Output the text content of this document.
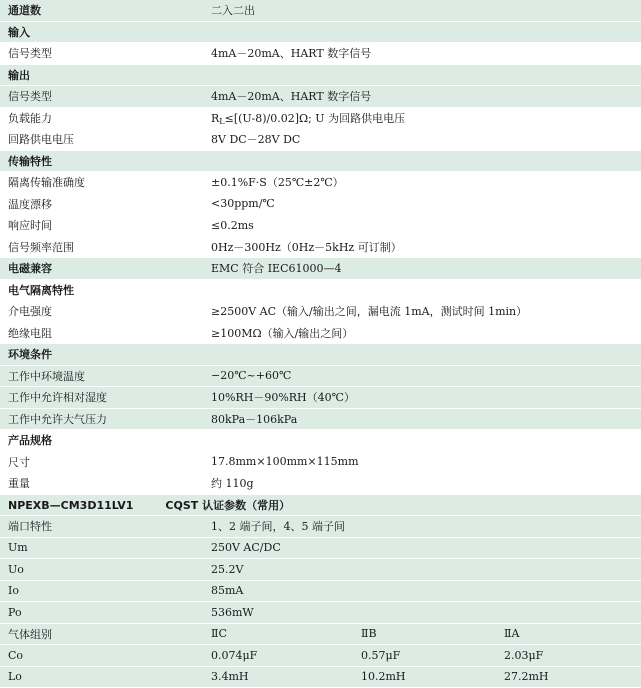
通道数	二入二出		
输入			
信号类型	4mA－20mA、HART 数字信号		
输出			
信号类型	4mA－20mA、HART 数字信号		
负载能力	$R_L\le[(U-8)/0.02]\Omega$; U 为回路供电电压		
回路供电电压	8V DC－28V DC		
传输特性			
隔离传输准确度	±0.1%F·S（25℃±2℃）		
温度漂移	<30ppm/℃		
响应时间	≤0.2ms		
信号频率范围	0Hz－300Hz（0Hz－5kHz 可订制）		
电磁兼容	EMC 符合 IEC61000—4		
电气隔离特性			
介电强度	≥2500V AC（输入/输出之间，漏电流 1mA，测试时间 1min）		
绝缘电阻	≥100MΩ（输入/输出之间）		
环境条件			
工作中环境温度	−20℃~+60℃		
工作中允许相对湿度	10%RH－90%RH（40℃）		
工作中允许大气压力	80kPa－106kPa		
产品规格			
尺寸	17.8mm×100mm×115mm		
重量	约 110g		
NPEXB—CM3D11LV1 CQST 认证参数（常用）			
端口特性	1、2 端子间，4、5 端子间		
Um	250V AC/DC		
Uo	25.2V		
Io	85mA		
Po	536mW		
气体组别	ⅡC	ⅡB	ⅡA
Co	0.074μF	0.57μF	2.03μF
Lo	3.4mH	10.2mH	27.2mH
